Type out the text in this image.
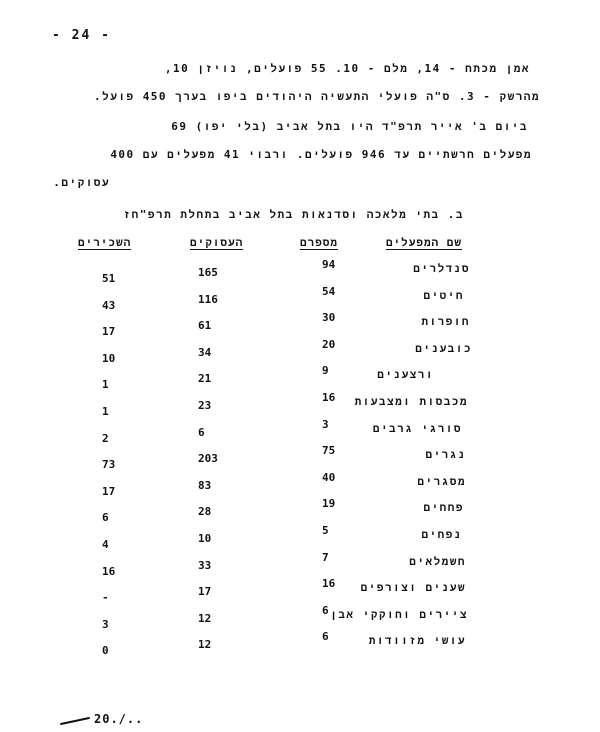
- 24 -
אמן מכתח - 14, מלם - 10. 55 פועלים, נויזן 10,
מהרשק - 3. ס"ה פועלי התעשיה היהודים ביפו בערך 450 פועל.
ביום ב' אייר תרפ"ד היו בתל אביב (בלי יפו) 69
מפעלים חרשתיים עד 946 פועלים. ורבוי 41 מפעלים עם 400
עסוקים.
ב. בתי מלאכה וסדנאות בתל אביב בתחלת תרפ"חז
שם המפעלים
מספרם
העסוקים
השכירים
סנדלרים
94
165
51
חיטים
54
116
43
חופרות
30
61
17
כובענים
20
34
10
ורצענים
9
21
1
מכבסות ומצבעות
16
23
1
סורגי גרבים
3
6
2
נגרים
75
203
73
מסגרים
40
83
17
פחחים
19
28
6
נפחים
5
10
4
חשמלאים
7
33
16
שענים וצורפים
16
17
-
ציירים וחוקקי אבן
6
12
3
עושי מזוודות
6
12
0
20./..
